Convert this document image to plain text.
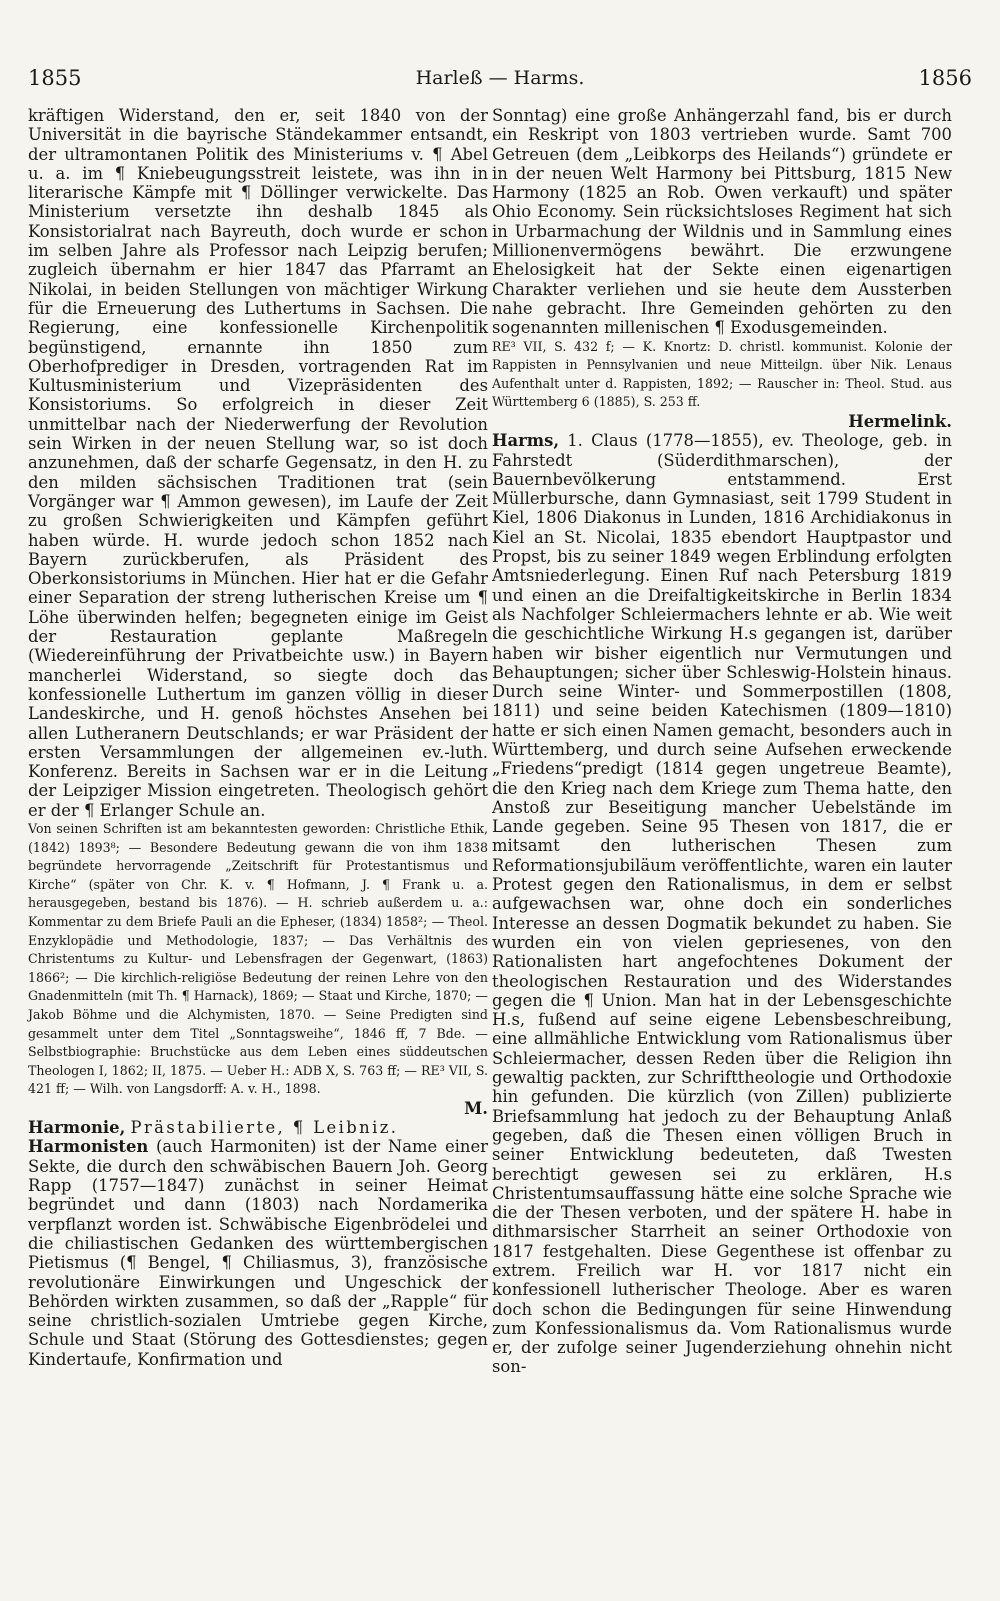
1855	Harleß — Harms.	1856

kräftigen Widerstand, den er, seit 1840 von der Universität in die bayrische Ständekammer entsandt, der ultramontanen Politik des Ministeriums v. ¶ Abel u. a. im ¶ Kniebeugungsstreit leistete, was ihn in literarische Kämpfe mit ¶ Döllinger verwickelte. Das Ministerium versetzte ihn deshalb 1845 als Konsistorialrat nach Bayreuth, doch wurde er schon im selben Jahre als Professor nach Leipzig berufen; zugleich übernahm er hier 1847 das Pfarramt an Nikolai, in beiden Stellungen von mächtiger Wirkung für die Erneuerung des Luthertums in Sachsen. Die Regierung, eine konfessionelle Kirchenpolitik begünstigend, ernannte ihn 1850 zum Oberhofprediger in Dresden, vortragenden Rat im Kultusministerium und Vizepräsidenten des Konsistoriums. So erfolgreich in dieser Zeit unmittelbar nach der Niederwerfung der Revolution sein Wirken in der neuen Stellung war, so ist doch anzunehmen, daß der scharfe Gegensatz, in den H. zu den milden sächsischen Traditionen trat (sein Vorgänger war ¶ Ammon gewesen), im Laufe der Zeit zu großen Schwierigkeiten und Kämpfen geführt haben würde. H. wurde jedoch schon 1852 nach Bayern zurückberufen, als Präsident des Oberkonsistoriums in München. Hier hat er die Gefahr einer Separation der streng lutherischen Kreise um ¶ Löhe überwinden helfen; begegneten einige im Geist der Restauration geplante Maßregeln (Wiedereinführung der Privatbeichte usw.) in Bayern mancherlei Widerstand, so siegte doch das konfessionelle Luthertum im ganzen völlig in dieser Landeskirche, und H. genoß höchstes Ansehen bei allen Lutheranern Deutschlands; er war Präsident der ersten Versammlungen der allgemeinen ev.-luth. Konferenz. Bereits in Sachsen war er in die Leitung der Leipziger Mission eingetreten. Theologisch gehört er der ¶ Erlanger Schule an.

Von seinen Schriften ist am bekanntesten geworden: Christliche Ethik, (1842) 1893⁸; — Besondere Bedeutung gewann die von ihm 1838 begründete hervorragende „Zeitschrift für Protestantismus und Kirche“ (später von Chr. K. v. ¶ Hofmann, J. ¶ Frank u. a. herausgegeben, bestand bis 1876). — H. schrieb außerdem u. a.: Kommentar zu dem Briefe Pauli an die Epheser, (1834) 1858²; — Theol. Enzyklopädie und Methodologie, 1837; — Das Verhältnis des Christentums zu Kultur- und Lebensfragen der Gegenwart, (1863) 1866²; — Die kirchlich-religiöse Bedeutung der reinen Lehre von den Gnadenmitteln (mit Th. ¶ Harnack), 1869; — Staat und Kirche, 1870; — Jakob Böhme und die Alchymisten, 1870. — Seine Predigten sind gesammelt unter dem Titel „Sonntagsweihe“, 1846 ff, 7 Bde. — Selbstbiographie: Bruchstücke aus dem Leben eines süddeutschen Theologen I, 1862; II, 1875. — Ueber H.: ADB X, S. 763 ff; — RE³ VII, S. 421 ff; — Wilh. von Langsdorff: A. v. H., 1898.

M.

Harmonie, Prästabilierte, ¶ Leibniz.

Harmonisten (auch Harmoniten) ist der Name einer Sekte, die durch den schwäbischen Bauern Joh. Georg Rapp (1757—1847) zunächst in seiner Heimat begründet und dann (1803) nach Nordamerika verpflanzt worden ist. Schwäbische Eigenbrödelei und die chiliastischen Gedanken des württembergischen Pietismus (¶ Bengel, ¶ Chiliasmus, 3), französische revolutionäre Einwirkungen und Ungeschick der Behörden wirkten zusammen, so daß der „Rapple“ für seine christlich-sozialen Umtriebe gegen Kirche, Schule und Staat (Störung des Gottesdienstes; gegen Kindertaufe, Konfirmation und

Sonntag) eine große Anhängerzahl fand, bis er durch ein Reskript von 1803 vertrieben wurde. Samt 700 Getreuen (dem „Leibkorps des Heilands“) gründete er in der neuen Welt Harmony bei Pittsburg, 1815 New Harmony (1825 an Rob. Owen verkauft) und später Ohio Economy. Sein rücksichtsloses Regiment hat sich in Urbarmachung der Wildnis und in Sammlung eines Millionenvermögens bewährt. Die erzwungene Ehelosigkeit hat der Sekte einen eigenartigen Charakter verliehen und sie heute dem Aussterben nahe gebracht. Ihre Gemeinden gehörten zu den sogenannten millenischen ¶ Exodusgemeinden.

RE³ VII, S. 432 f; — K. Knortz: D. christl. kommunist. Kolonie der Rappisten in Pennsylvanien und neue Mitteilgn. über Nik. Lenaus Aufenthalt unter d. Rappisten, 1892; — Rauscher in: Theol. Stud. aus Württemberg 6 (1885), S. 253 ff.

Hermelink.

Harms, 1. Claus (1778—1855), ev. Theologe, geb. in Fahrstedt (Süderdithmarschen), der Bauernbevölkerung entstammend. Erst Müllerbursche, dann Gymnasiast, seit 1799 Student in Kiel, 1806 Diakonus in Lunden, 1816 Archidiakonus in Kiel an St. Nicolai, 1835 ebendort Hauptpastor und Propst, bis zu seiner 1849 wegen Erblindung erfolgten Amtsniederlegung. Einen Ruf nach Petersburg 1819 und einen an die Dreifaltigkeitskirche in Berlin 1834 als Nachfolger Schleiermachers lehnte er ab. Wie weit die geschichtliche Wirkung H.s gegangen ist, darüber haben wir bisher eigentlich nur Vermutungen und Behauptungen; sicher über Schleswig-Holstein hinaus. Durch seine Winter- und Sommerpostillen (1808, 1811) und seine beiden Katechismen (1809—1810) hatte er sich einen Namen gemacht, besonders auch in Württemberg, und durch seine Aufsehen erweckende „Friedens“predigt (1814 gegen ungetreue Beamte), die den Krieg nach dem Kriege zum Thema hatte, den Anstoß zur Beseitigung mancher Uebelstände im Lande gegeben. Seine 95 Thesen von 1817, die er mitsamt den lutherischen Thesen zum Reformationsjubiläum veröffentlichte, waren ein lauter Protest gegen den Rationalismus, in dem er selbst aufgewachsen war, ohne doch ein sonderliches Interesse an dessen Dogmatik bekundet zu haben. Sie wurden ein von vielen gepriesenes, von den Rationalisten hart angefochtenes Dokument der theologischen Restauration und des Widerstandes gegen die ¶ Union. Man hat in der Lebensgeschichte H.s, fußend auf seine eigene Lebensbeschreibung, eine allmähliche Entwicklung vom Rationalismus über Schleiermacher, dessen Reden über die Religion ihn gewaltig packten, zur Schrifttheologie und Orthodoxie hin gefunden. Die kürzlich (von Zillen) publizierte Briefsammlung hat jedoch zu der Behauptung Anlaß gegeben, daß die Thesen einen völligen Bruch in seiner Entwicklung bedeuteten, daß Twesten berechtigt gewesen sei zu erklären, H.s Christentumsauffassung hätte eine solche Sprache wie die der Thesen verboten, und der spätere H. habe in dithmarsischer Starrheit an seiner Orthodoxie von 1817 festgehalten. Diese Gegenthese ist offenbar zu extrem. Freilich war H. vor 1817 nicht ein konfessionell lutherischer Theologe. Aber es waren doch schon die Bedingungen für seine Hinwendung zum Konfessionalismus da. Vom Rationalismus wurde er, der zufolge seiner Jugenderziehung ohnehin nicht son-
